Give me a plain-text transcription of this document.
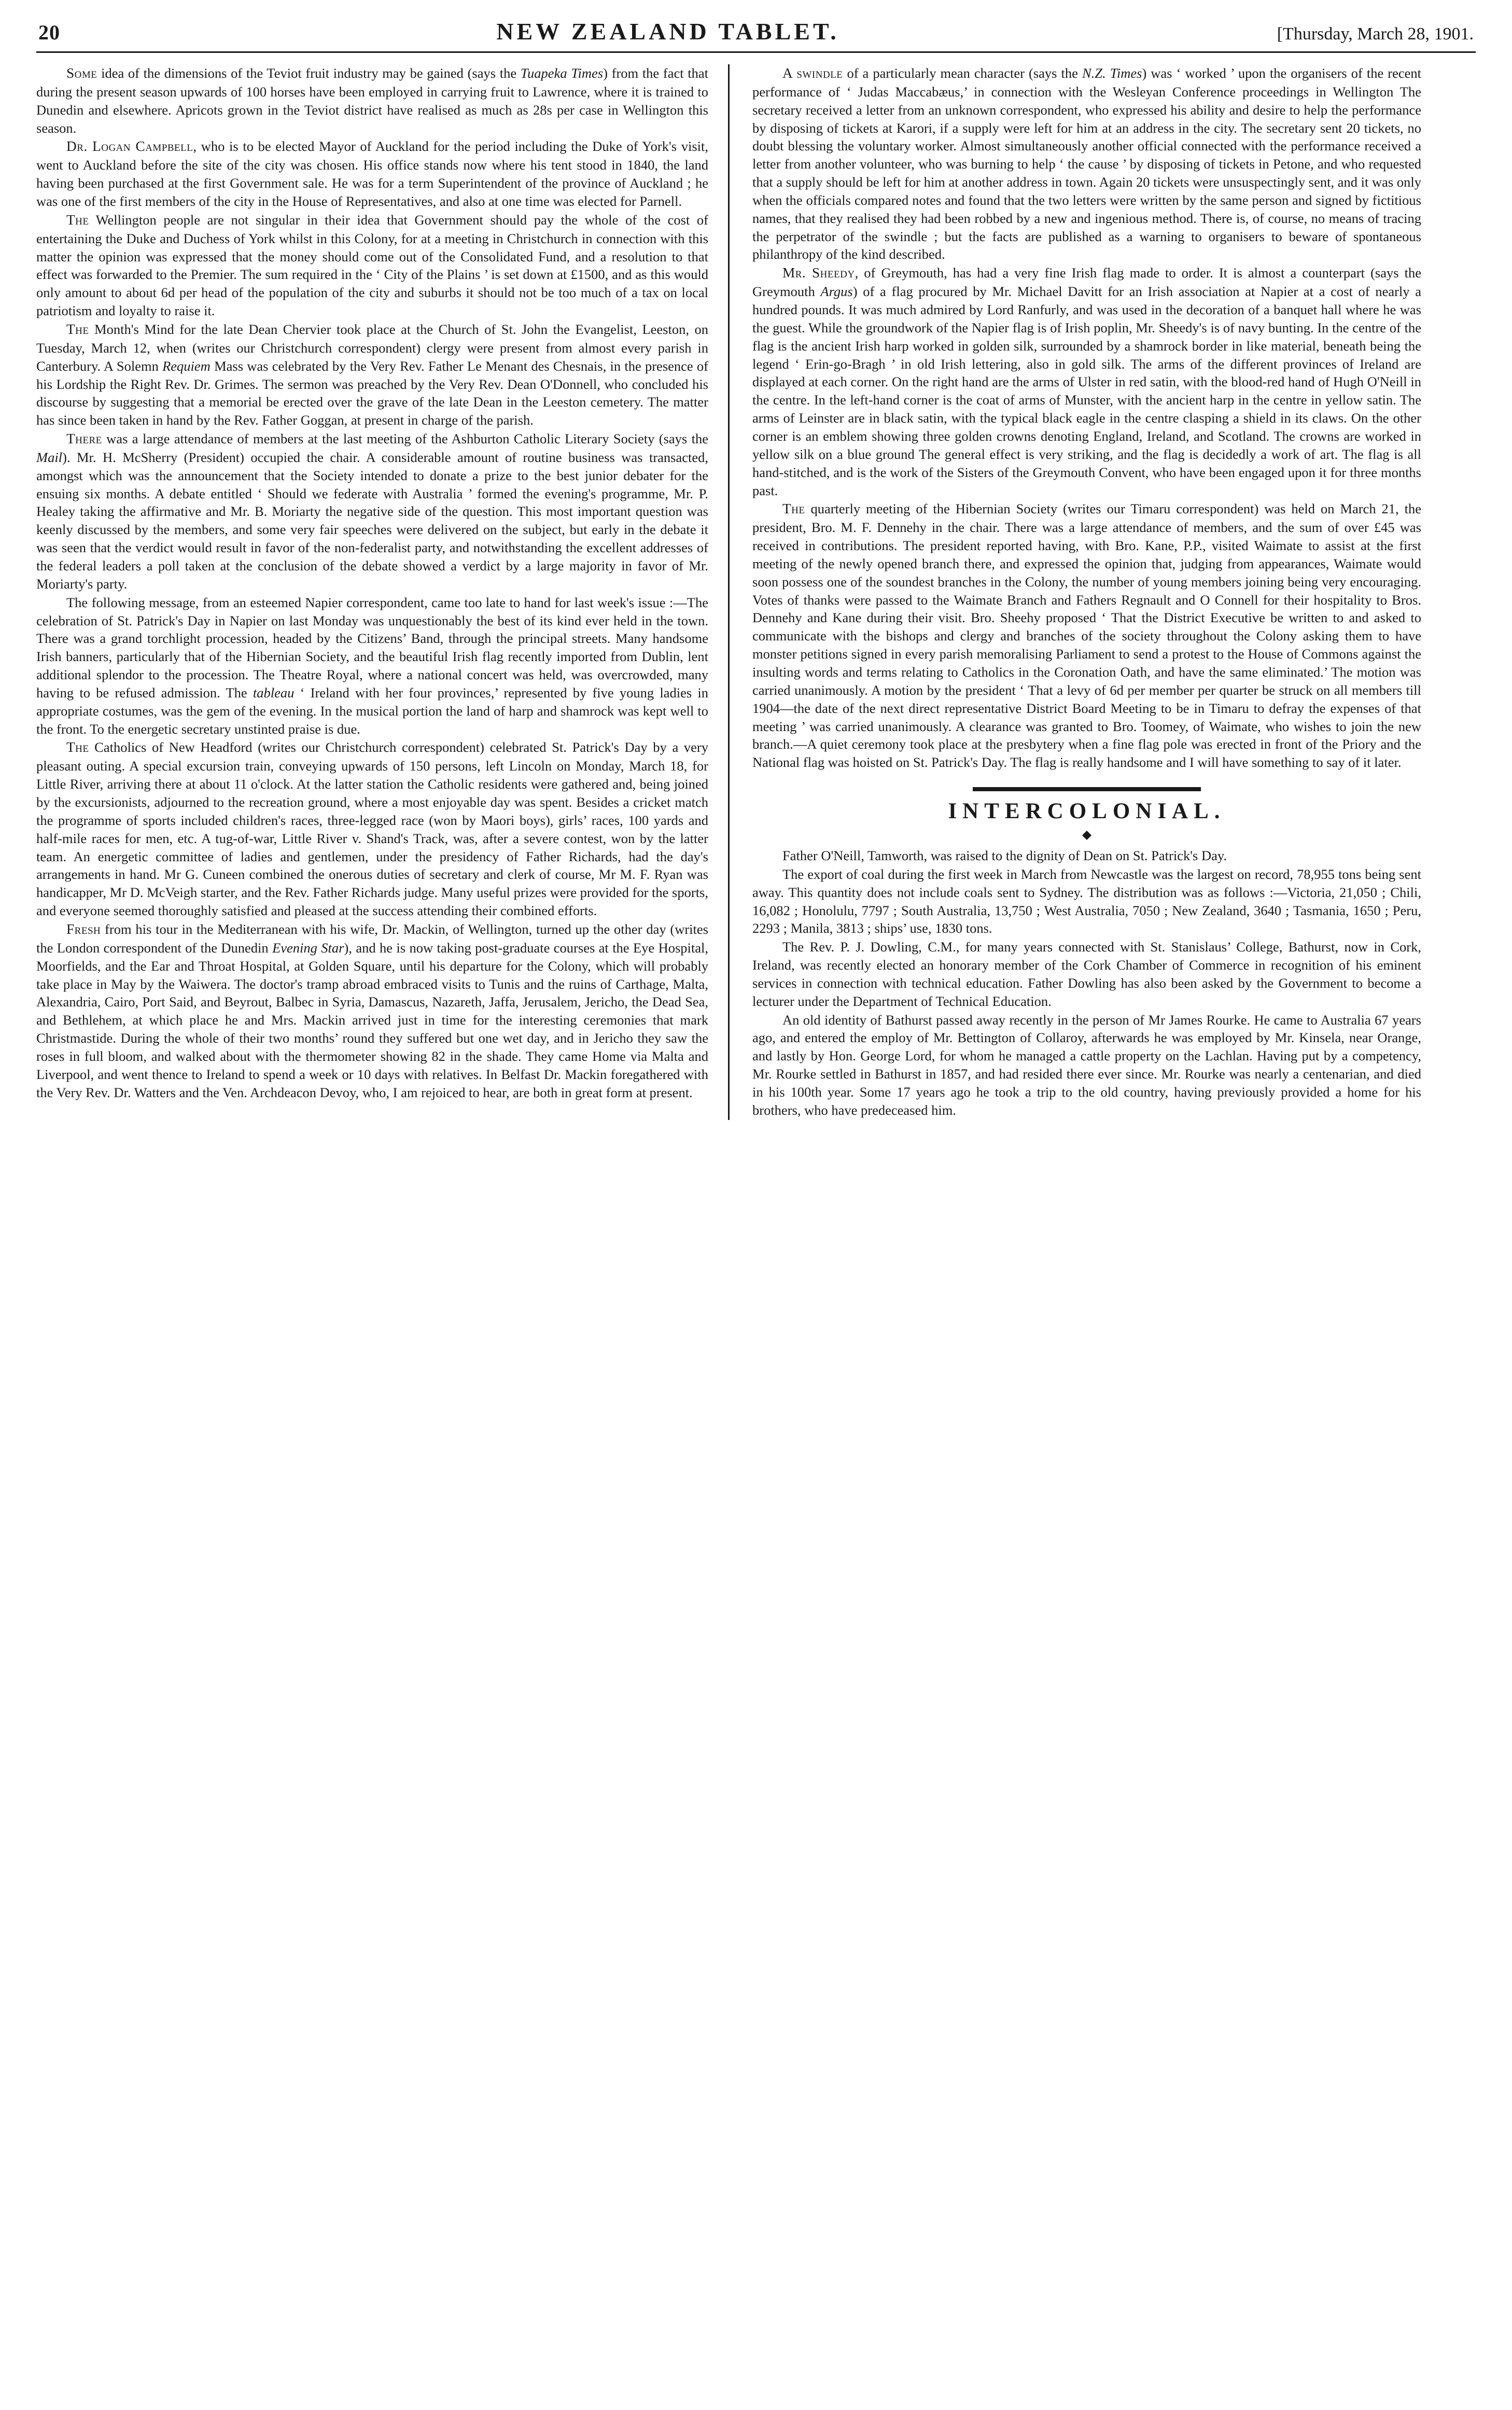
20	NEW ZEALAND TABLET.	[Thursday, March 28, 1901.

Some idea of the dimensions of the Teviot fruit industry may be gained (says the Tuapeka Times) from the fact that during the present season upwards of 100 horses have been employed in carrying fruit to Lawrence, where it is trained to Dunedin and elsewhere. Apricots grown in the Teviot district have realised as much as 28s per case in Wellington this season.

Dr. Logan Campbell, who is to be elected Mayor of Auckland for the period including the Duke of York's visit, went to Auckland before the site of the city was chosen. His office stands now where his tent stood in 1840, the land having been purchased at the first Government sale. He was for a term Superintendent of the province of Auckland ; he was one of the first members of the city in the House of Representatives, and also at one time was elected for Parnell.

The Wellington people are not singular in their idea that Government should pay the whole of the cost of entertaining the Duke and Duchess of York whilst in this Colony, for at a meeting in Christchurch in connection with this matter the opinion was expressed that the money should come out of the Consolidated Fund, and a resolution to that effect was forwarded to the Premier. The sum required in the ‘ City of the Plains ’ is set down at £1500, and as this would only amount to about 6d per head of the population of the city and suburbs it should not be too much of a tax on local patriotism and loyalty to raise it.

The Month's Mind for the late Dean Chervier took place at the Church of St. John the Evangelist, Leeston, on Tuesday, March 12, when (writes our Christchurch correspondent) clergy were present from almost every parish in Canterbury. A Solemn Requiem Mass was celebrated by the Very Rev. Father Le Menant des Chesnais, in the presence of his Lordship the Right Rev. Dr. Grimes. The sermon was preached by the Very Rev. Dean O'Donnell, who concluded his discourse by suggesting that a memorial be erected over the grave of the late Dean in the Leeston cemetery. The matter has since been taken in hand by the Rev. Father Goggan, at present in charge of the parish.

There was a large attendance of members at the last meeting of the Ashburton Catholic Literary Society (says the Mail). Mr. H. McSherry (President) occupied the chair. A considerable amount of routine business was transacted, amongst which was the announcement that the Society intended to donate a prize to the best junior debater for the ensuing six months. A debate entitled ‘ Should we federate with Australia ’ formed the evening's programme, Mr. P. Healey taking the affirmative and Mr. B. Moriarty the negative side of the question. This most important question was keenly discussed by the members, and some very fair speeches were delivered on the subject, but early in the debate it was seen that the verdict would result in favor of the non-federalist party, and notwithstanding the excellent addresses of the federal leaders a poll taken at the conclusion of the debate showed a verdict by a large majority in favor of Mr. Moriarty's party.

The following message, from an esteemed Napier correspondent, came too late to hand for last week's issue :—The celebration of St. Patrick's Day in Napier on last Monday was unquestionably the best of its kind ever held in the town. There was a grand torchlight procession, headed by the Citizens’ Band, through the principal streets. Many handsome Irish banners, particularly that of the Hibernian Society, and the beautiful Irish flag recently imported from Dublin, lent additional splendor to the procession. The Theatre Royal, where a national concert was held, was overcrowded, many having to be refused admission. The tableau ‘ Ireland with her four provinces,’ represented by five young ladies in appropriate costumes, was the gem of the evening. In the musical portion the land of harp and shamrock was kept well to the front. To the energetic secretary unstinted praise is due.

The Catholics of New Headford (writes our Christchurch correspondent) celebrated St. Patrick's Day by a very pleasant outing. A special excursion train, conveying upwards of 150 persons, left Lincoln on Monday, March 18, for Little River, arriving there at about 11 o'clock. At the latter station the Catholic residents were gathered and, being joined by the excursionists, adjourned to the recreation ground, where a most enjoyable day was spent. Besides a cricket match the programme of sports included children's races, three-legged race (won by Maori boys), girls’ races, 100 yards and half-mile races for men, etc. A tug-of-war, Little River v. Shand's Track, was, after a severe contest, won by the latter team. An energetic committee of ladies and gentlemen, under the presidency of Father Richards, had the day's arrangements in hand. Mr G. Cuneen combined the onerous duties of secretary and clerk of course, Mr M. F. Ryan was handicapper, Mr D. McVeigh starter, and the Rev. Father Richards judge. Many useful prizes were provided for the sports, and everyone seemed thoroughly satisfied and pleased at the success attending their combined efforts.

Fresh from his tour in the Mediterranean with his wife, Dr. Mackin, of Wellington, turned up the other day (writes the London correspondent of the Dunedin Evening Star), and he is now taking post-graduate courses at the Eye Hospital, Moorfields, and the Ear and Throat Hospital, at Golden Square, until his departure for the Colony, which will probably take place in May by the Waiwera. The doctor's tramp abroad embraced visits to Tunis and the ruins of Carthage, Malta, Alexandria, Cairo, Port Said, and Beyrout, Balbec in Syria, Damascus, Nazareth, Jaffa, Jerusalem, Jericho, the Dead Sea, and Bethlehem, at which place he and Mrs. Mackin arrived just in time for the interesting ceremonies that mark Christmastide. During the whole of their two months’ round they suffered but one wet day, and in Jericho they saw the roses in full bloom, and walked about with the thermometer showing 82 in the shade. They came Home via Malta and Liverpool, and went thence to Ireland to spend a week or 10 days with relatives. In Belfast Dr. Mackin foregathered with the Very Rev. Dr. Watters and the Ven. Archdeacon Devoy, who, I am rejoiced to hear, are both in great form at present.

A swindle of a particularly mean character (says the N.Z. Times) was ‘ worked ’ upon the organisers of the recent performance of ‘ Judas Maccabæus,’ in connection with the Wesleyan Conference proceedings in Wellington The secretary received a letter from an unknown correspondent, who expressed his ability and desire to help the performance by disposing of tickets at Karori, if a supply were left for him at an address in the city. The secretary sent 20 tickets, no doubt blessing the voluntary worker. Almost simultaneously another official connected with the performance received a letter from another volunteer, who was burning to help ‘ the cause ’ by disposing of tickets in Petone, and who requested that a supply should be left for him at another address in town. Again 20 tickets were unsuspectingly sent, and it was only when the officials compared notes and found that the two letters were written by the same person and signed by fictitious names, that they realised they had been robbed by a new and ingenious method. There is, of course, no means of tracing the perpetrator of the swindle ; but the facts are published as a warning to organisers to beware of spontaneous philanthropy of the kind described.

Mr. Sheedy, of Greymouth, has had a very fine Irish flag made to order. It is almost a counterpart (says the Greymouth Argus) of a flag procured by Mr. Michael Davitt for an Irish association at Napier at a cost of nearly a hundred pounds. It was much admired by Lord Ranfurly, and was used in the decoration of a banquet hall where he was the guest. While the groundwork of the Napier flag is of Irish poplin, Mr. Sheedy's is of navy bunting. In the centre of the flag is the ancient Irish harp worked in golden silk, surrounded by a shamrock border in like material, beneath being the legend ‘ Erin-go-Bragh ’ in old Irish lettering, also in gold silk. The arms of the different provinces of Ireland are displayed at each corner. On the right hand are the arms of Ulster in red satin, with the blood-red hand of Hugh O'Neill in the centre. In the left-hand corner is the coat of arms of Munster, with the ancient harp in the centre in yellow satin. The arms of Leinster are in black satin, with the typical black eagle in the centre clasping a shield in its claws. On the other corner is an emblem showing three golden crowns denoting England, Ireland, and Scotland. The crowns are worked in yellow silk on a blue ground The general effect is very striking, and the flag is decidedly a work of art. The flag is all hand-stitched, and is the work of the Sisters of the Greymouth Convent, who have been engaged upon it for three months past.

The quarterly meeting of the Hibernian Society (writes our Timaru correspondent) was held on March 21, the president, Bro. M. F. Dennehy in the chair. There was a large attendance of members, and the sum of over £45 was received in contributions. The president reported having, with Bro. Kane, P.P., visited Waimate to assist at the first meeting of the newly opened branch there, and expressed the opinion that, judging from appearances, Waimate would soon possess one of the soundest branches in the Colony, the number of young members joining being very encouraging. Votes of thanks were passed to the Waimate Branch and Fathers Regnault and O Connell for their hospitality to Bros. Dennehy and Kane during their visit. Bro. Sheehy proposed ‘ That the District Executive be written to and asked to communicate with the bishops and clergy and branches of the society throughout the Colony asking them to have monster petitions signed in every parish memoralising Parliament to send a protest to the House of Commons against the insulting words and terms relating to Catholics in the Coronation Oath, and have the same eliminated.’ The motion was carried unanimously. A motion by the president ‘ That a levy of 6d per member per quarter be struck on all members till 1904—the date of the next direct representative District Board Meeting to be in Timaru to defray the expenses of that meeting ’ was carried unanimously. A clearance was granted to Bro. Toomey, of Waimate, who wishes to join the new branch.—A quiet ceremony took place at the presbytery when a fine flag pole was erected in front of the Priory and the National flag was hoisted on St. Patrick's Day. The flag is really handsome and I will have something to say of it later.

INTERCOLONIAL.

Father O'Neill, Tamworth, was raised to the dignity of Dean on St. Patrick's Day.

The export of coal during the first week in March from Newcastle was the largest on record, 78,955 tons being sent away. This quantity does not include coals sent to Sydney. The distribution was as follows :—Victoria, 21,050 ; Chili, 16,082 ; Honolulu, 7797 ; South Australia, 13,750 ; West Australia, 7050 ; New Zealand, 3640 ; Tasmania, 1650 ; Peru, 2293 ; Manila, 3813 ; ships’ use, 1830 tons.

The Rev. P. J. Dowling, C.M., for many years connected with St. Stanislaus’ College, Bathurst, now in Cork, Ireland, was recently elected an honorary member of the Cork Chamber of Commerce in recognition of his eminent services in connection with technical education. Father Dowling has also been asked by the Government to become a lecturer under the Department of Technical Education.

An old identity of Bathurst passed away recently in the person of Mr James Rourke. He came to Australia 67 years ago, and entered the employ of Mr. Bettington of Collaroy, afterwards he was employed by Mr. Kinsela, near Orange, and lastly by Hon. George Lord, for whom he managed a cattle property on the Lachlan. Having put by a competency, Mr. Rourke settled in Bathurst in 1857, and had resided there ever since. Mr. Rourke was nearly a centenarian, and died in his 100th year. Some 17 years ago he took a trip to the old country, having previously provided a home for his brothers, who have predeceased him.
